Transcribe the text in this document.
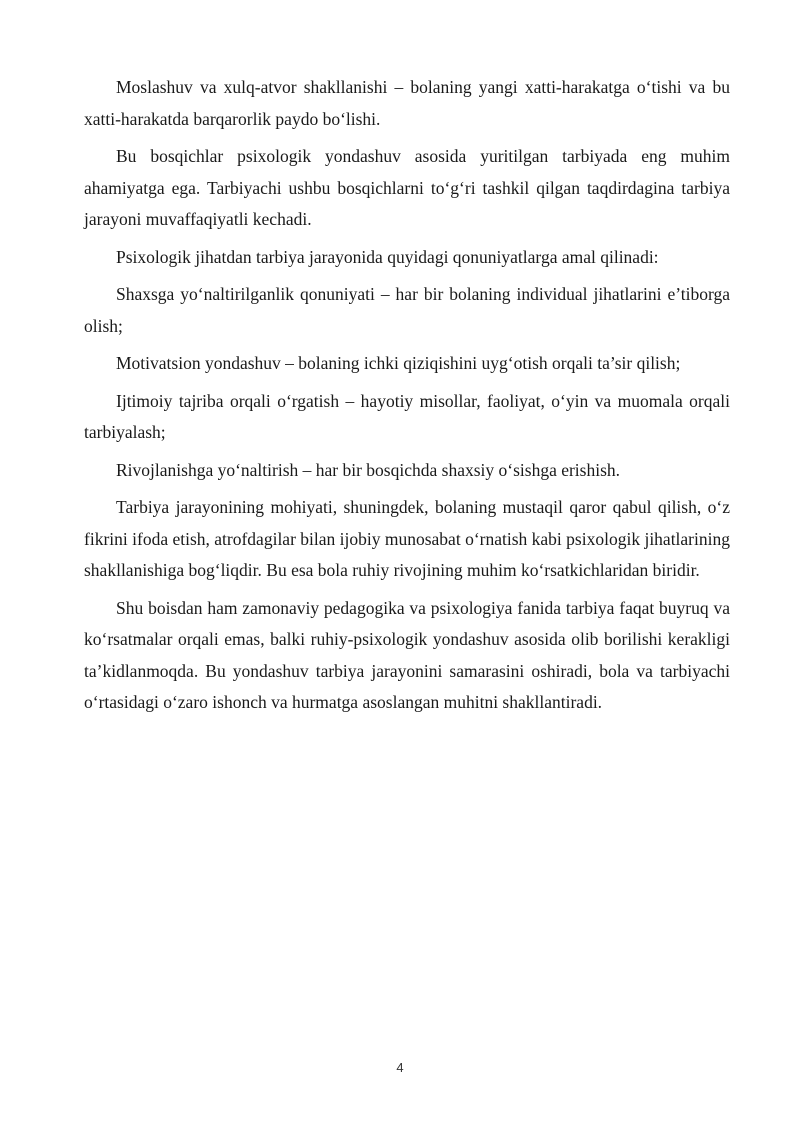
Moslashuv va xulq-atvor shakllanishi – bolaning yangi xatti-harakatga o‘tishi va bu xatti-harakatda barqarorlik paydo bo‘lishi.

Bu bosqichlar psixologik yondashuv asosida yuritilgan tarbiyada eng muhim ahamiyatga ega. Tarbiyachi ushbu bosqichlarni to‘g‘ri tashkil qilgan taqdirdagina tarbiya jarayoni muvaffaqiyatli kechadi.

Psixologik jihatdan tarbiya jarayonida quyidagi qonuniyatlarga amal qilinadi:

Shaxsga yo‘naltirilganlik qonuniyati – har bir bolaning individual jihatlarini e’tiborga olish;

Motivatsion yondashuv – bolaning ichki qiziqishini uyg‘otish orqali ta’sir qilish;

Ijtimoiy tajriba orqali o‘rgatish – hayotiy misollar, faoliyat, o‘yin va muomala orqali tarbiyalash;

Rivojlanishga yo‘naltirish – har bir bosqichda shaxsiy o‘sishga erishish.

Tarbiya jarayonining mohiyati, shuningdek, bolaning mustaqil qaror qabul qilish, o‘z fikrini ifoda etish, atrofdagilar bilan ijobiy munosabat o‘rnatish kabi psixologik jihatlarining shakllanishiga bog‘liqdir. Bu esa bola ruhiy rivojining muhim ko‘rsatkichlaridan biridir.

Shu boisdan ham zamonaviy pedagogika va psixologiya fanida tarbiya faqat buyruq va ko‘rsatmalar orqali emas, balki ruhiy-psixologik yondashuv asosida olib borilishi kerakligi ta’kidlanmoqda. Bu yondashuv tarbiya jarayonini samarasini oshiradi, bola va tarbiyachi o‘rtasidagi o‘zaro ishonch va hurmatga asoslangan muhitni shakllantiradi.

4
